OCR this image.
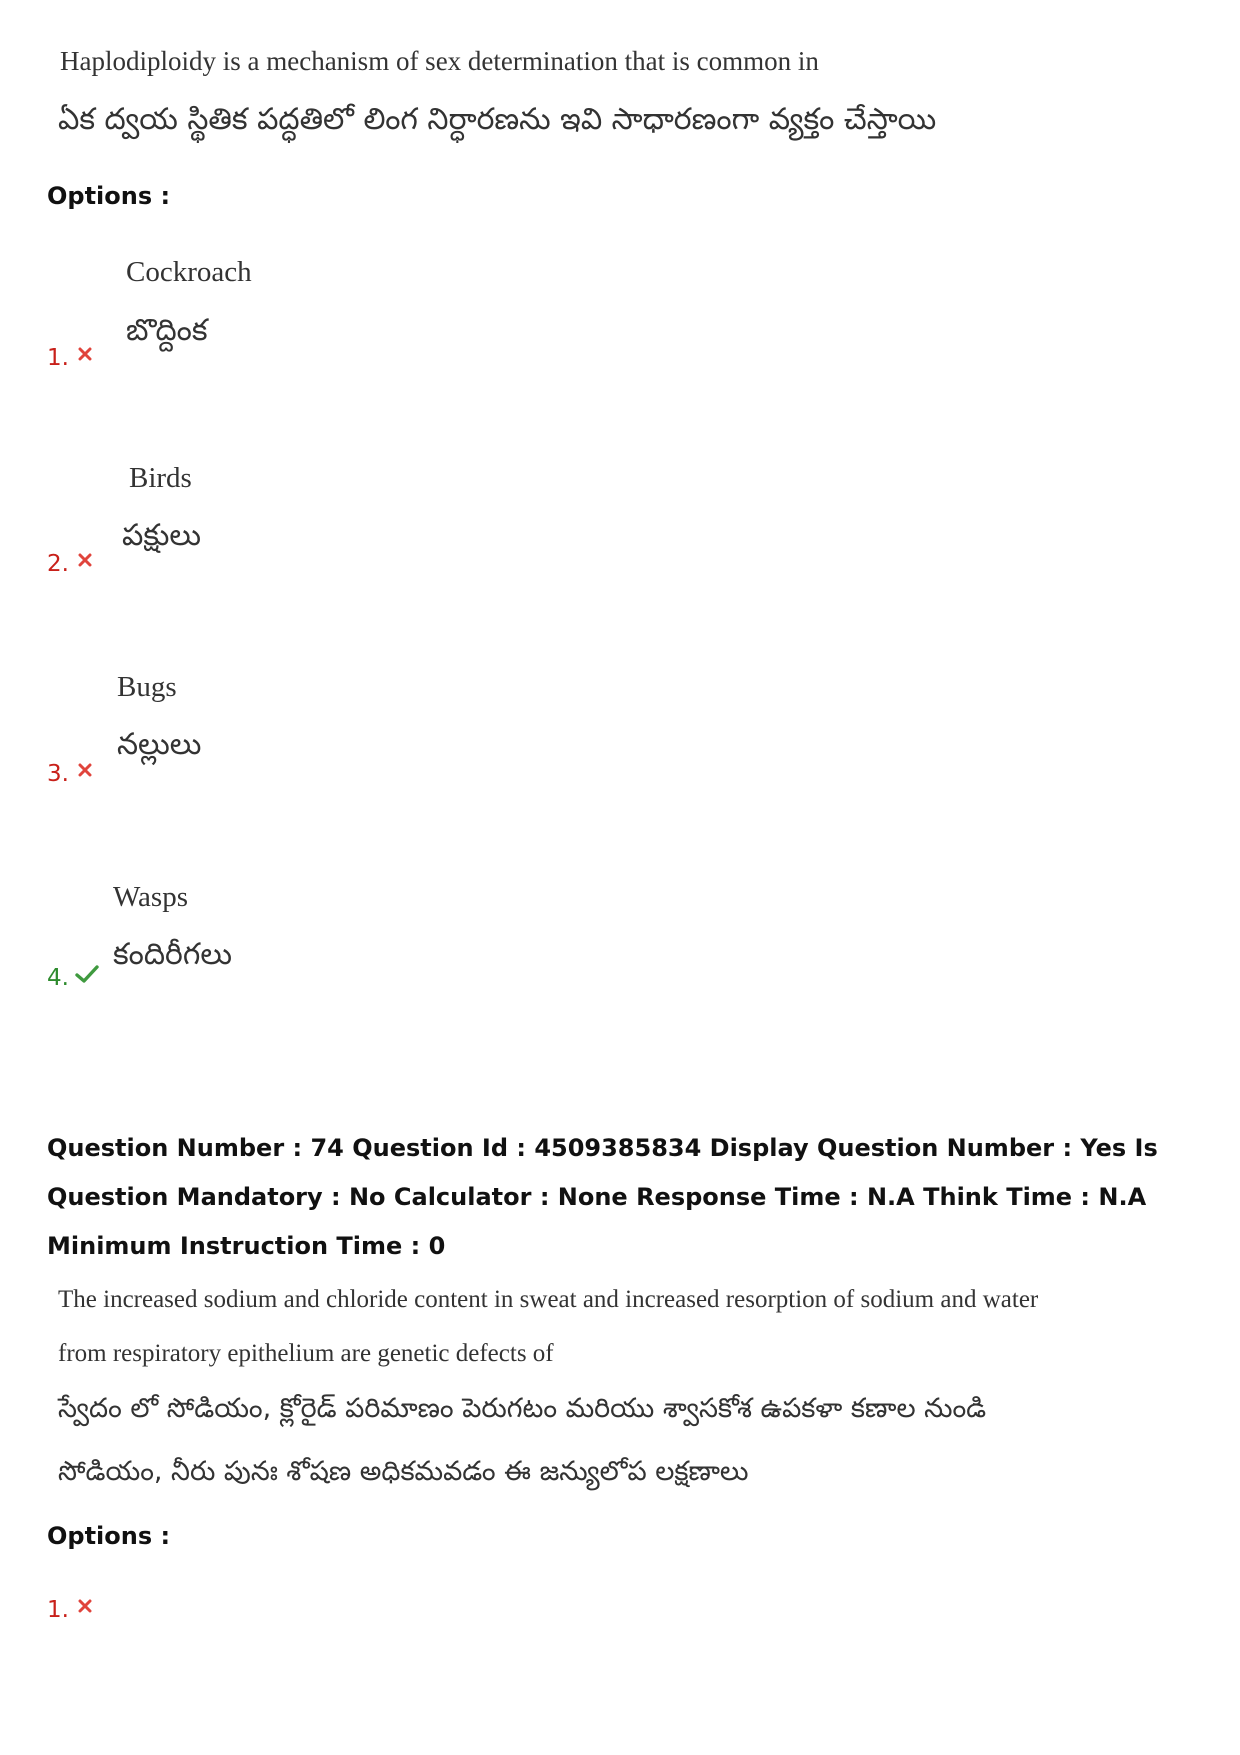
Haplodiploidy is a mechanism of sex determination that is common in
ఏక ద్వయ స్థితిక పద్ధతిలో లింగ నిర్ధారణను ఇవి సాధారణంగా వ్యక్తం చేస్తాయి
Options :
Cockroach
బొద్దింక
1.
Birds
పక్షులు
2.
Bugs
నల్లులు
3.
Wasps
కందిరీగలు
4.
Question Number : 74 Question Id : 4509385834 Display Question Number : Yes Is Question Mandatory : No Calculator : None Response Time : N.A Think Time : N.A Minimum Instruction Time : 0
The increased sodium and chloride content in sweat and increased resorption of sodium and water
from respiratory epithelium are genetic defects of
స్వేదం లో సోడియం, క్లోరైడ్ పరిమాణం పెరుగటం మరియు శ్వాసకోశ ఉపకళా కణాల నుండి
సోడియం, నీరు పునః శోషణ అధికమవడం ఈ జన్యులోప లక్షణాలు
Options :
1.
